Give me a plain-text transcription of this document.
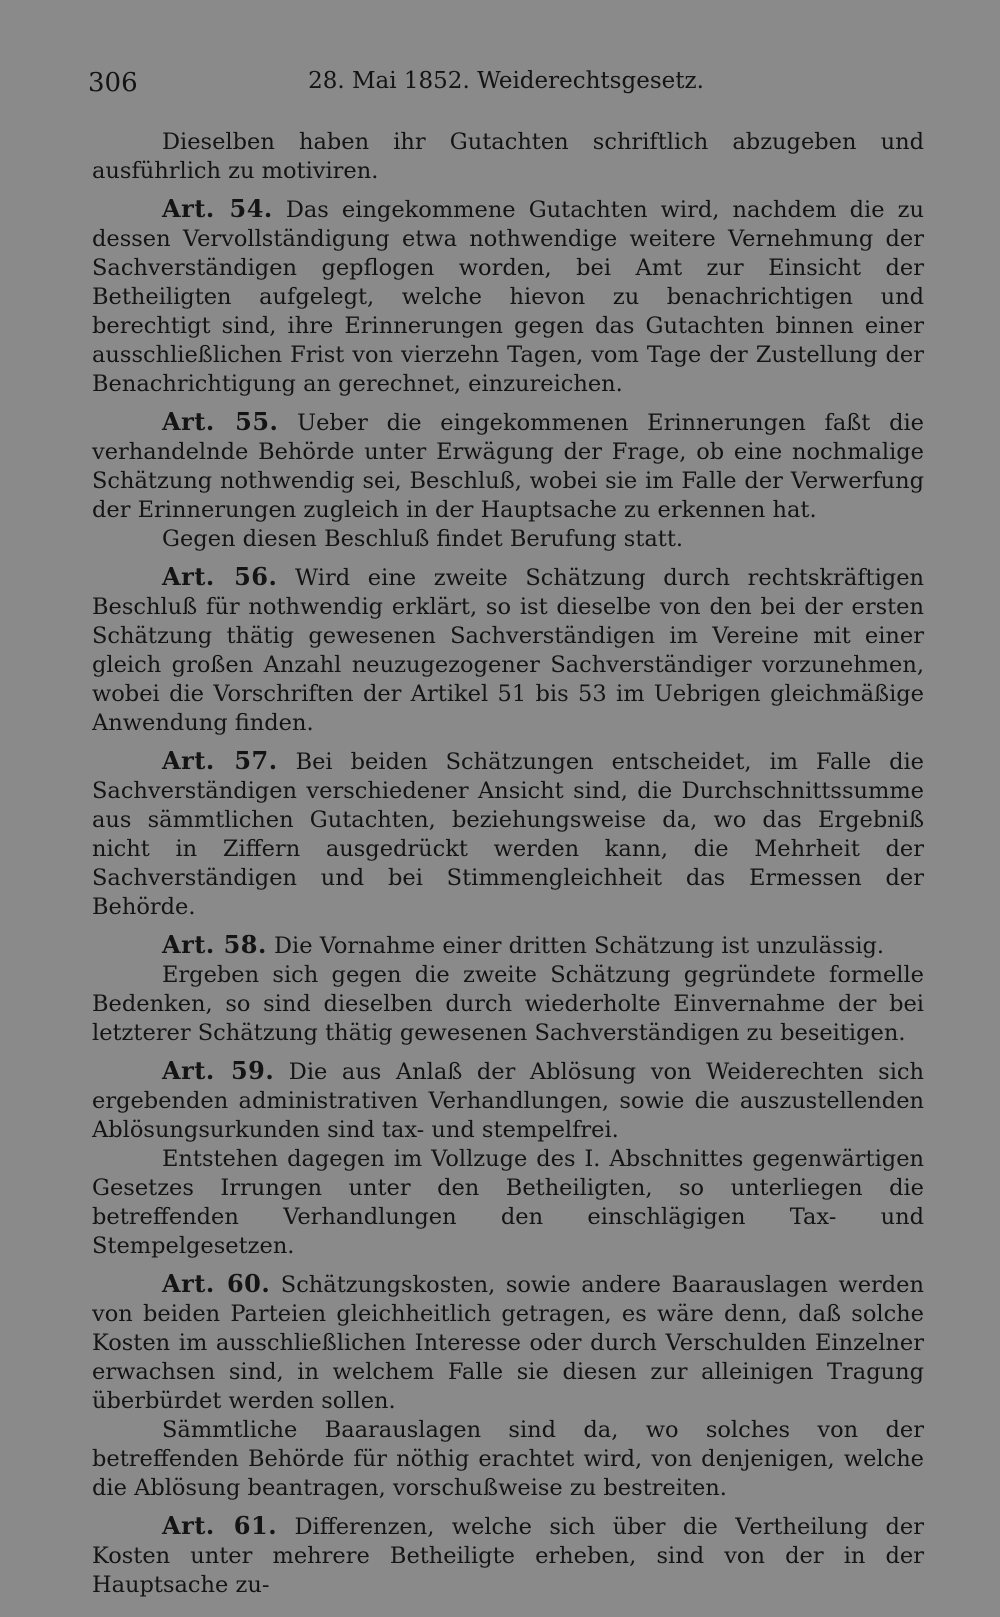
306	28. Mai 1852. Weiderechtsgesetz.

Dieselben haben ihr Gutachten schriftlich abzugeben und ausführlich zu motiviren.

Art. 54. Das eingekommene Gutachten wird, nachdem die zu dessen Vervollständigung etwa nothwendige weitere Vernehmung der Sachverständigen gepflogen worden, bei Amt zur Einsicht der Betheiligten aufgelegt, welche hievon zu benachrichtigen und berechtigt sind, ihre Erinnerungen gegen das Gutachten binnen einer ausschließlichen Frist von vierzehn Tagen, vom Tage der Zustellung der Benachrichtigung an gerechnet, einzureichen.

Art. 55. Ueber die eingekommenen Erinnerungen faßt die verhandelnde Behörde unter Erwägung der Frage, ob eine nochmalige Schätzung nothwendig sei, Beschluß, wobei sie im Falle der Verwerfung der Erinnerungen zugleich in der Hauptsache zu erkennen hat.

Gegen diesen Beschluß findet Berufung statt.

Art. 56. Wird eine zweite Schätzung durch rechtskräftigen Beschluß für nothwendig erklärt, so ist dieselbe von den bei der ersten Schätzung thätig gewesenen Sachverständigen im Vereine mit einer gleich großen Anzahl neuzugezogener Sachverständiger vorzunehmen, wobei die Vorschriften der Artikel 51 bis 53 im Uebrigen gleichmäßige Anwendung finden.

Art. 57. Bei beiden Schätzungen entscheidet, im Falle die Sachverständigen verschiedener Ansicht sind, die Durchschnittssumme aus sämmtlichen Gutachten, beziehungsweise da, wo das Ergebniß nicht in Ziffern ausgedrückt werden kann, die Mehrheit der Sachverständigen und bei Stimmengleichheit das Ermessen der Behörde.

Art. 58. Die Vornahme einer dritten Schätzung ist unzulässig.

Ergeben sich gegen die zweite Schätzung gegründete formelle Bedenken, so sind dieselben durch wiederholte Einvernahme der bei letzterer Schätzung thätig gewesenen Sachverständigen zu beseitigen.

Art. 59. Die aus Anlaß der Ablösung von Weiderechten sich ergebenden administrativen Verhandlungen, sowie die auszustellenden Ablösungsurkunden sind tax- und stempelfrei.

Entstehen dagegen im Vollzuge des I. Abschnittes gegenwärtigen Gesetzes Irrungen unter den Betheiligten, so unterliegen die betreffenden Verhandlungen den einschlägigen Tax- und Stempelgesetzen.

Art. 60. Schätzungskosten, sowie andere Baarauslagen werden von beiden Parteien gleichheitlich getragen, es wäre denn, daß solche Kosten im ausschließlichen Interesse oder durch Verschulden Einzelner erwachsen sind, in welchem Falle sie diesen zur alleinigen Tragung überbürdet werden sollen.

Sämmtliche Baarauslagen sind da, wo solches von der betreffenden Behörde für nöthig erachtet wird, von denjenigen, welche die Ablösung beantragen, vorschußweise zu bestreiten.

Art. 61. Differenzen, welche sich über die Vertheilung der Kosten unter mehrere Betheiligte erheben, sind von der in der Hauptsache zu-
